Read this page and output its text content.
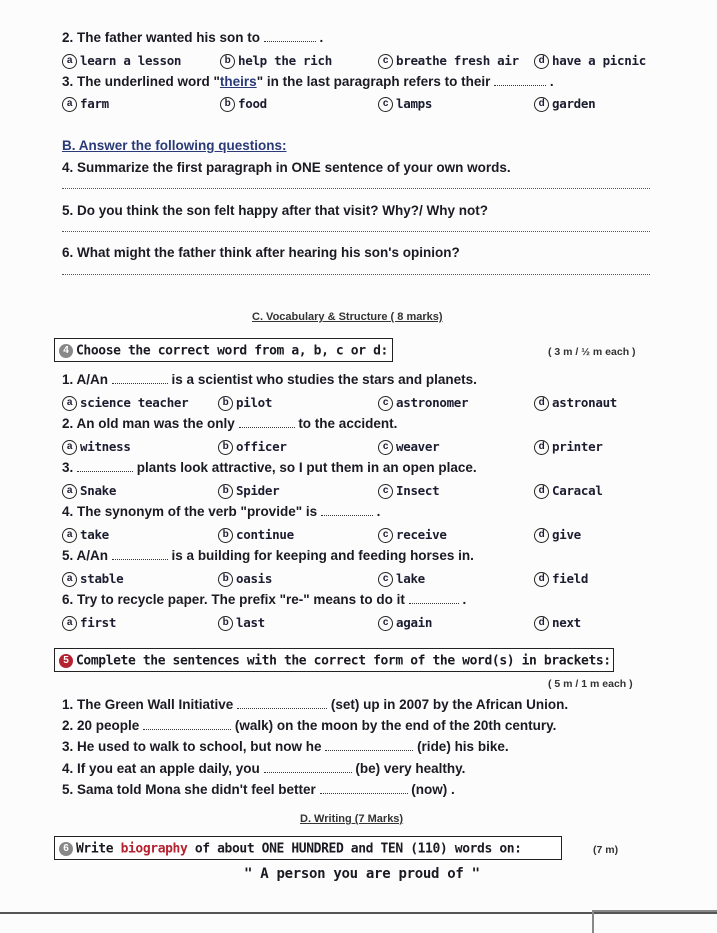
2. The father wanted his son to	.
a learn a lesson	b help the rich	c breathe fresh air	d have a picnic
3. The underlined word "theirs" in the last paragraph refers to their	.
a farm	b food	c lamps	d garden
B. Answer the following questions:
4. Summarize the first paragraph in ONE sentence of your own words.
5. Do you think the son felt happy after that visit? Why?/ Why not?
6. What might the father think after hearing his son's opinion?
C. Vocabulary & Structure ( 8 marks)
4 Choose the correct word from a, b, c or d:	( 3 m / ½ m each )
1. A/An	is a scientist who studies the stars and planets.
a science teacher	b pilot	c astronomer	d astronaut
2. An old man was the only	to the accident.
a witness	b officer	c weaver	d printer
3.	plants look attractive, so I put them in an open place.
a Snake	b Spider	c Insect	d Caracal
4. The synonym of the verb "provide" is	.
a take	b continue	c receive	d give
5. A/An	is a building for keeping and feeding horses in.
a stable	b oasis	c lake	d field
6. Try to recycle paper. The prefix "re-" means to do it	.
a first	b last	c again	d next
5 Complete the sentences with the correct form of the word(s) in brackets:
( 5 m / 1 m each )
1. The Green Wall Initiative	(set) up in 2007 by the African Union.
2. 20 people	(walk) on the moon by the end of the 20th century.
3. He used to walk to school, but now he	(ride) his bike.
4. If you eat an apple daily, you	(be) very healthy.
5. Sama told Mona she didn't feel better	(now) .
D. Writing (7 Marks)
6 Write biography of about ONE HUNDRED and TEN (110) words on:	(7 m)
" A person you are proud of "
